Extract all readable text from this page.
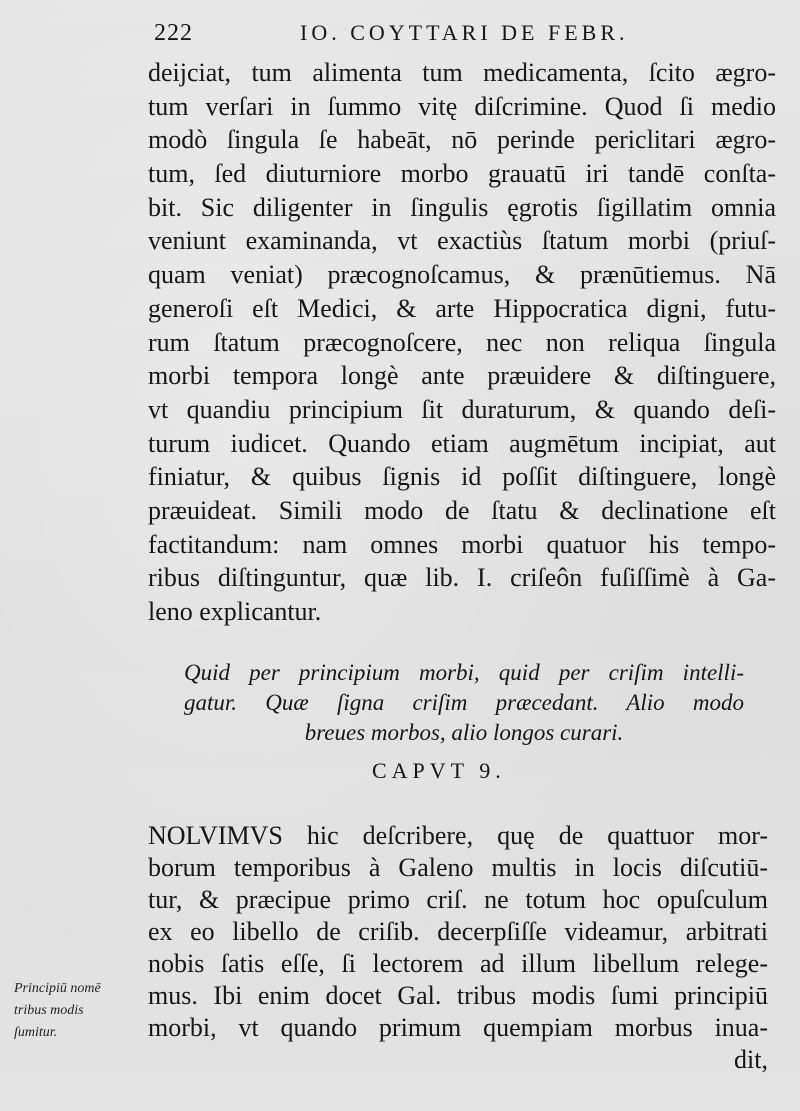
222	IO. COYTTARI DE FEBR.
deijciat, tum alimenta tum medicamenta, ſcito ægro-
tum verſari in ſummo vitę diſcrimine. Quod ſi medio
modò ſingula ſe habeāt, nō perinde periclitari ægro-
tum, ſed diuturniore morbo grauatū iri tandē conſta-
bit. Sic diligenter in ſingulis ęgrotis ſigillatim omnia
veniunt examinanda, vt exactiùs ſtatum morbi (priuſ-
quam veniat) præcognoſcamus, & prænūtiemus. Nā
generoſi eſt Medici, & arte Hippocratica digni, futu-
rum ſtatum præcognoſcere, nec non reliqua ſingula
morbi tempora longè ante præuidere & diſtinguere,
vt quandiu principium ſit duraturum, & quando deſi-
turum iudicet. Quando etiam augmētum incipiat, aut
finiatur, & quibus ſignis id poſſit diſtinguere, longè
præuideat. Simili modo de ſtatu & declinatione eſt
factitandum: nam omnes morbi quatuor his tempo-
ribus diſtinguntur, quæ lib. I. criſeôn fuſiſſimè à Ga-
leno explicantur.
Quid per principium morbi, quid per criſim intelli-
gatur. Quæ ſigna criſim præcedant. Alio modo
breues morbos, alio longos curari.
CAPVT 9.
NOLVIMVS hic deſcribere, quę de quattuor mor-
borum temporibus à Galeno multis in locis diſcutiū-
tur, & præcipue primo criſ. ne totum hoc opuſculum
ex eo libello de criſib. decerpſiſſe videamur, arbitrati
nobis ſatis eſſe, ſi lectorem ad illum libellum relege-
mus. Ibi enim docet Gal. tribus modis ſumi principiū
morbi, vt quando primum quempiam morbus inua-
dit,
Principiū nomē
tribus modis
ſumitur.
